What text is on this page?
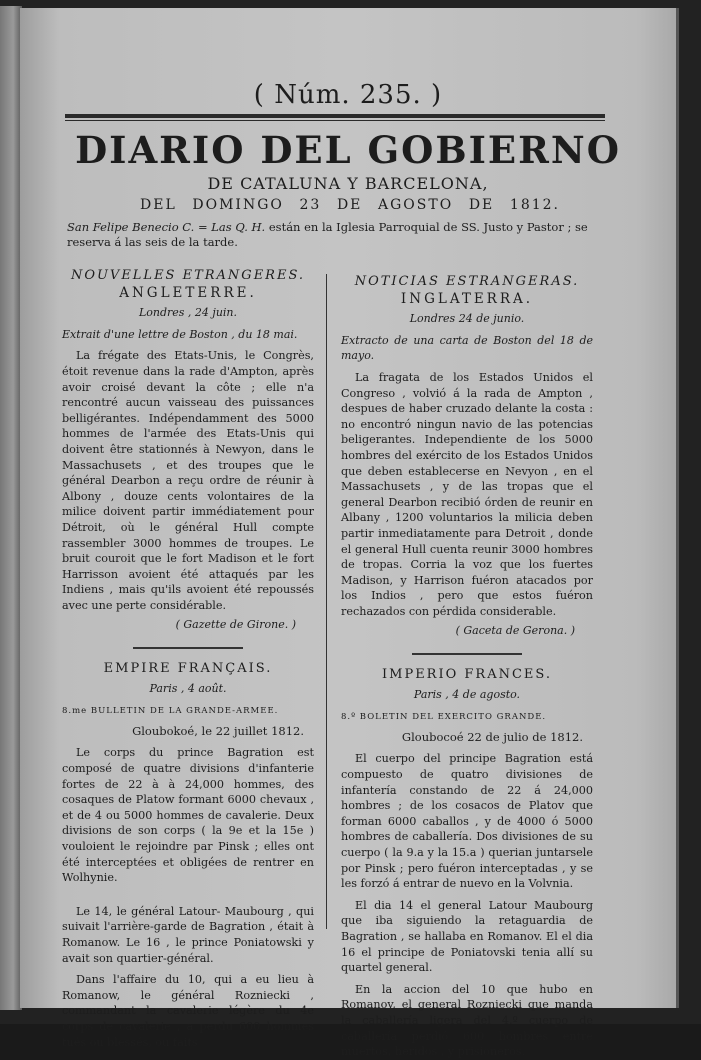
( Núm. 235. )
DIARIO DEL GOBIERNO
DE CATALUNA Y BARCELONA,
DEL DOMINGO 23 DE AGOSTO DE 1812.
San Felipe Benecio C. = Las Q. H. están en la Iglesia Parroquial de SS. Justo y Pastor ; se reserva á las seis de la tarde.
NOUVELLES ETRANGERES.
ANGLETERRE.
Londres , 24 juin.
Extrait d'une lettre de Boston , du 18 mai.
La frégate des Etats-Unis, le Congrès, étoit revenue dans la rade d'Ampton, après avoir croisé devant la côte ; elle n'a rencontré aucun vaisseau des puissances belligérantes. Indépendamment des 5000 hommes de l'armée des Etats-Unis qui doivent être stationnés à Newyon, dans le Massachusets , et des troupes que le général Dearbon a reçu ordre de réunir à Albony , douze cents volontaires de la milice doivent partir immédiatement pour Détroit, où le général Hull compte rassembler 3000 hommes de troupes. Le bruit couroit que le fort Madison et le fort Harrisson avoient été attaqués par les Indiens , mais qu'ils avoient été repoussés avec une perte considérable.
( Gazette de Girone. )
EMPIRE FRANÇAIS.
Paris , 4 août.
8.me BULLETIN DE LA GRANDE-ARMEE.
Gloubokoé, le 22 juillet 1812.
Le corps du prince Bagration est composé de quatre divisions d'infanterie fortes de 22 à à 24,000 hommes, des cosaques de Platow formant 6000 chevaux , et de 4 ou 5000 hommes de cavalerie. Deux divisions de son corps ( la 9e et la 15e ) vouloient le rejoindre par Pinsk ; elles ont été interceptées et obligées de rentrer en Wolhynie.
Le 14, le général Latour- Maubourg , qui suivait l'arrière-garde de Bagration , était à Romanow. Le 16 , le prince Poniatowski y avait son quartier-général.
Dans l'affaire du 10, qui a eu lieu à Romanow, le général Rozniecki , commandant la cavalerie légère du 4e corps de cavalerie , a perdu 600 hommes tués ou blessés, ou faits
NOTICIAS ESTRANGERAS.
INGLATERRA.
Londres 24 de junio.
Extracto de una carta de Boston del 18 de mayo.
La fragata de los Estados Unidos el Congreso , volvió á la rada de Ampton , despues de haber cruzado delante la costa : no encontró ningun navio de las potencias beligerantes. Independiente de los 5000 hombres del exército de los Estados Unidos que deben establecerse en Nevyon , en el Massachusets , y de las tropas que el general Dearbon recibió órden de reunir en Albany , 1200 voluntarios la milicia deben partir inmediatamente para Detroit , donde el general Hull cuenta reunir 3000 hombres de tropas. Corria la voz que los fuertes Madison, y Harrison fuéron atacados por los Indios , pero que estos fuéron rechazados con pérdida considerable.
( Gaceta de Gerona. )
IMPERIO FRANCES.
Paris , 4 de agosto.
8.º BOLETIN DEL EXERCITO GRANDE.
Gloubocoé 22 de julio de 1812.
El cuerpo del principe Bagration está compuesto de quatro divisiones de infantería constando de 22 á 24,000 hombres ; de los cosacos de Platov que forman 6000 caballos , y de 4000 ó 5000 hombres de caballería. Dos divisiones de su cuerpo ( la 9.a y la 15.a ) querian juntarsele por Pinsk ; pero fuéron interceptadas , y se les forzó á entrar de nuevo en la Volvnia.
El dia 14 el general Latour Maubourg que iba siguiendo la retaguardia de Bagration , se hallaba en Romanov. El el dia 16 el principe de Poniatovski tenia allí su quartel general.
En la accion del 10 que hubo en Romanov, el general Rozniecki que manda la caballería ligera del 4.º cuerpo de caballería perdió 600 hombres entre muertos, heridos , y prisioneros.
